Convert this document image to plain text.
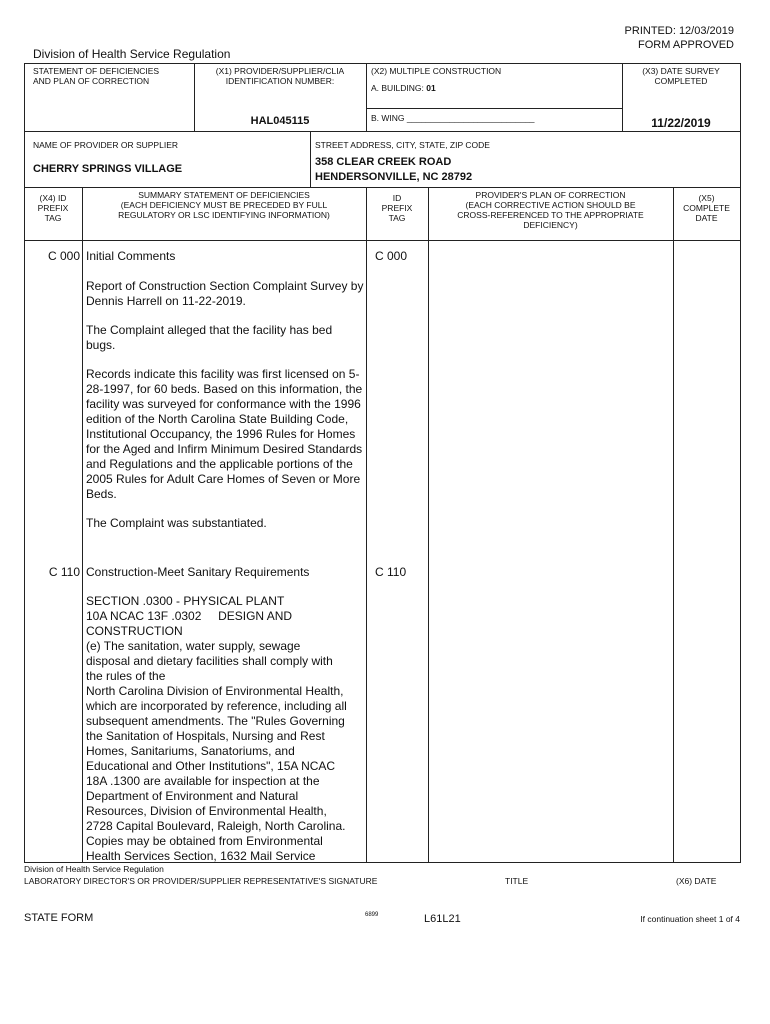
PRINTED: 12/03/2019
FORM APPROVED
Division of Health Service Regulation
STATEMENT OF DEFICIENCIES
AND PLAN OF CORRECTION
(X1) PROVIDER/SUPPLIER/CLIA
IDENTIFICATION NUMBER:
HAL045115
(X2) MULTIPLE CONSTRUCTION
A. BUILDING: 01
B. WING ___________________________
(X3) DATE SURVEY
COMPLETED
11/22/2019
NAME OF PROVIDER OR SUPPLIER
CHERRY SPRINGS VILLAGE
STREET ADDRESS, CITY, STATE, ZIP CODE
358 CLEAR CREEK ROAD
HENDERSONVILLE, NC 28792
(X4) ID
PREFIX
TAG
SUMMARY STATEMENT OF DEFICIENCIES
(EACH DEFICIENCY MUST BE PRECEDED BY FULL
REGULATORY OR LSC IDENTIFYING INFORMATION)
ID
PREFIX
TAG
PROVIDER'S PLAN OF CORRECTION
(EACH CORRECTIVE ACTION SHOULD BE
CROSS-REFERENCED TO THE APPROPRIATE
DEFICIENCY)
(X5)
COMPLETE
DATE
C 000	C 000

Initial Comments

Report of Construction Section Complaint Survey by Dennis Harrell on 11-22-2019.

The Complaint alleged that the facility has bed bugs.

Records indicate this facility was first licensed on 5-28-1997, for 60 beds. Based on this information, the facility was surveyed for conformance with the 1996 edition of the North Carolina State Building Code, Institutional Occupancy, the 1996 Rules for Homes for the Aged and Infirm Minimum Desired Standards and Regulations and the applicable portions of the 2005 Rules for Adult Care Homes of Seven or More Beds.

The Complaint was substantiated.

C 110	C 110

Construction-Meet Sanitary Requirements

SECTION .0300 - PHYSICAL PLANT
10A NCAC 13F .0302     DESIGN AND
CONSTRUCTION
(e) The sanitation, water supply, sewage
disposal and dietary facilities shall comply with
the rules of the
North Carolina Division of Environmental Health,
which are incorporated by reference, including all
subsequent amendments. The "Rules Governing
the Sanitation of Hospitals, Nursing and Rest
Homes, Sanitariums, Sanatoriums, and
Educational and Other Institutions", 15A NCAC
18A .1300 are available for inspection at the
Department of Environment and Natural
Resources, Division of Environmental Health,
2728 Capital Boulevard, Raleigh, North Carolina.
Copies may be obtained from Environmental
Health Services Section, 1632 Mail Service
Division of Health Service Regulation
LABORATORY DIRECTOR'S OR PROVIDER/SUPPLIER REPRESENTATIVE'S SIGNATURE	TITLE	(X6) DATE
STATE FORM	6899	L61L21	If continuation sheet 1 of 4
